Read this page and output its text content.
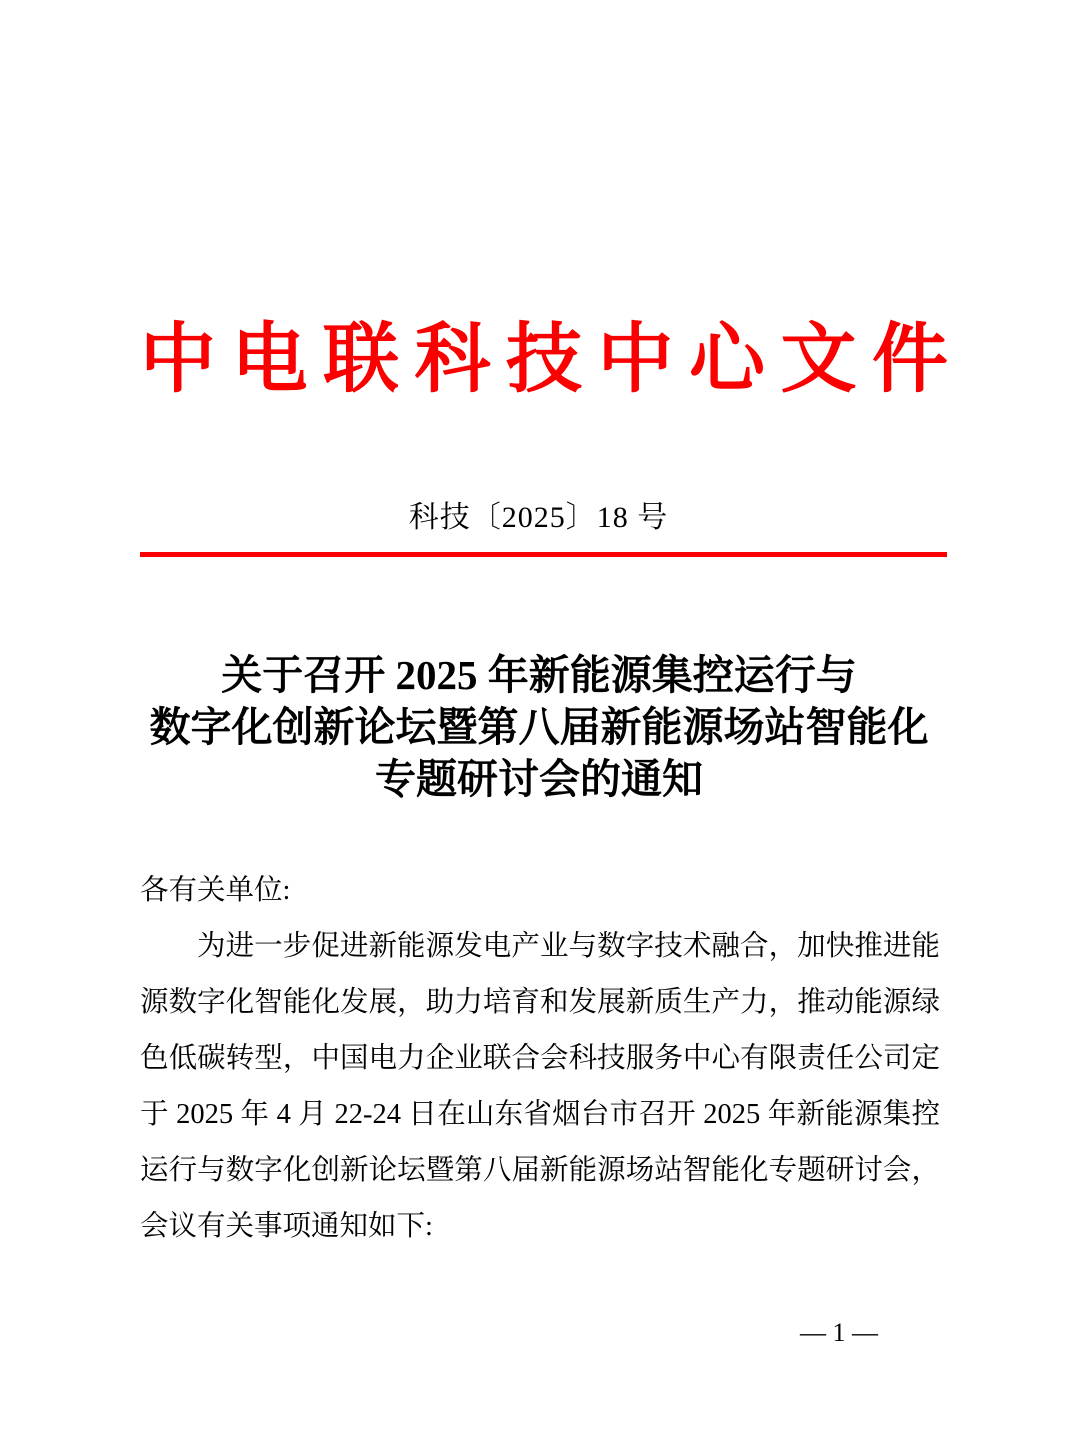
中 电 联 科 技 中 心 文 件
科技〔2025〕18 号
关于召开 2025 年新能源集控运行与
数字化创新论坛暨第八届新能源场站智能化
专题研讨会的通知
各有关单位:
为进一步促进新能源发电产业与数字技术融合，加快推进能
源数字化智能化发展，助力培育和发展新质生产力，推动能源绿
色低碳转型，中国电力企业联合会科技服务中心有限责任公司定
于 2025 年 4 月 22-24 日在山东省烟台市召开 2025 年新能源集控
运行与数字化创新论坛暨第八届新能源场站智能化专题研讨会，
会议有关事项通知如下:
— 1 —
